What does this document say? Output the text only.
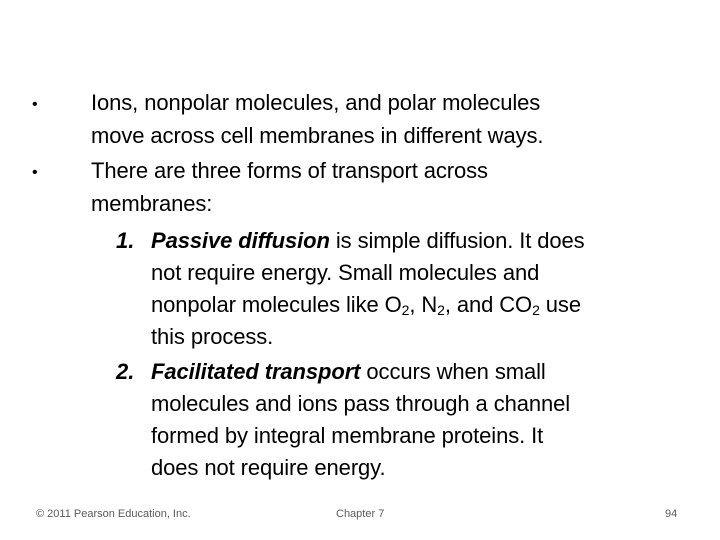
• Ions, nonpolar molecules, and polar molecules
move across cell membranes in different ways.
• There are three forms of transport across
membranes:
1. Passive diffusion is simple diffusion. It does
not require energy. Small molecules and
nonpolar molecules like $O_2$, $N_2$, and $CO_2$ use
this process.
2. Facilitated transport occurs when small
molecules and ions pass through a channel
formed by integral membrane proteins. It
does not require energy.
© 2011 Pearson Education, Inc.	Chapter 7	94
